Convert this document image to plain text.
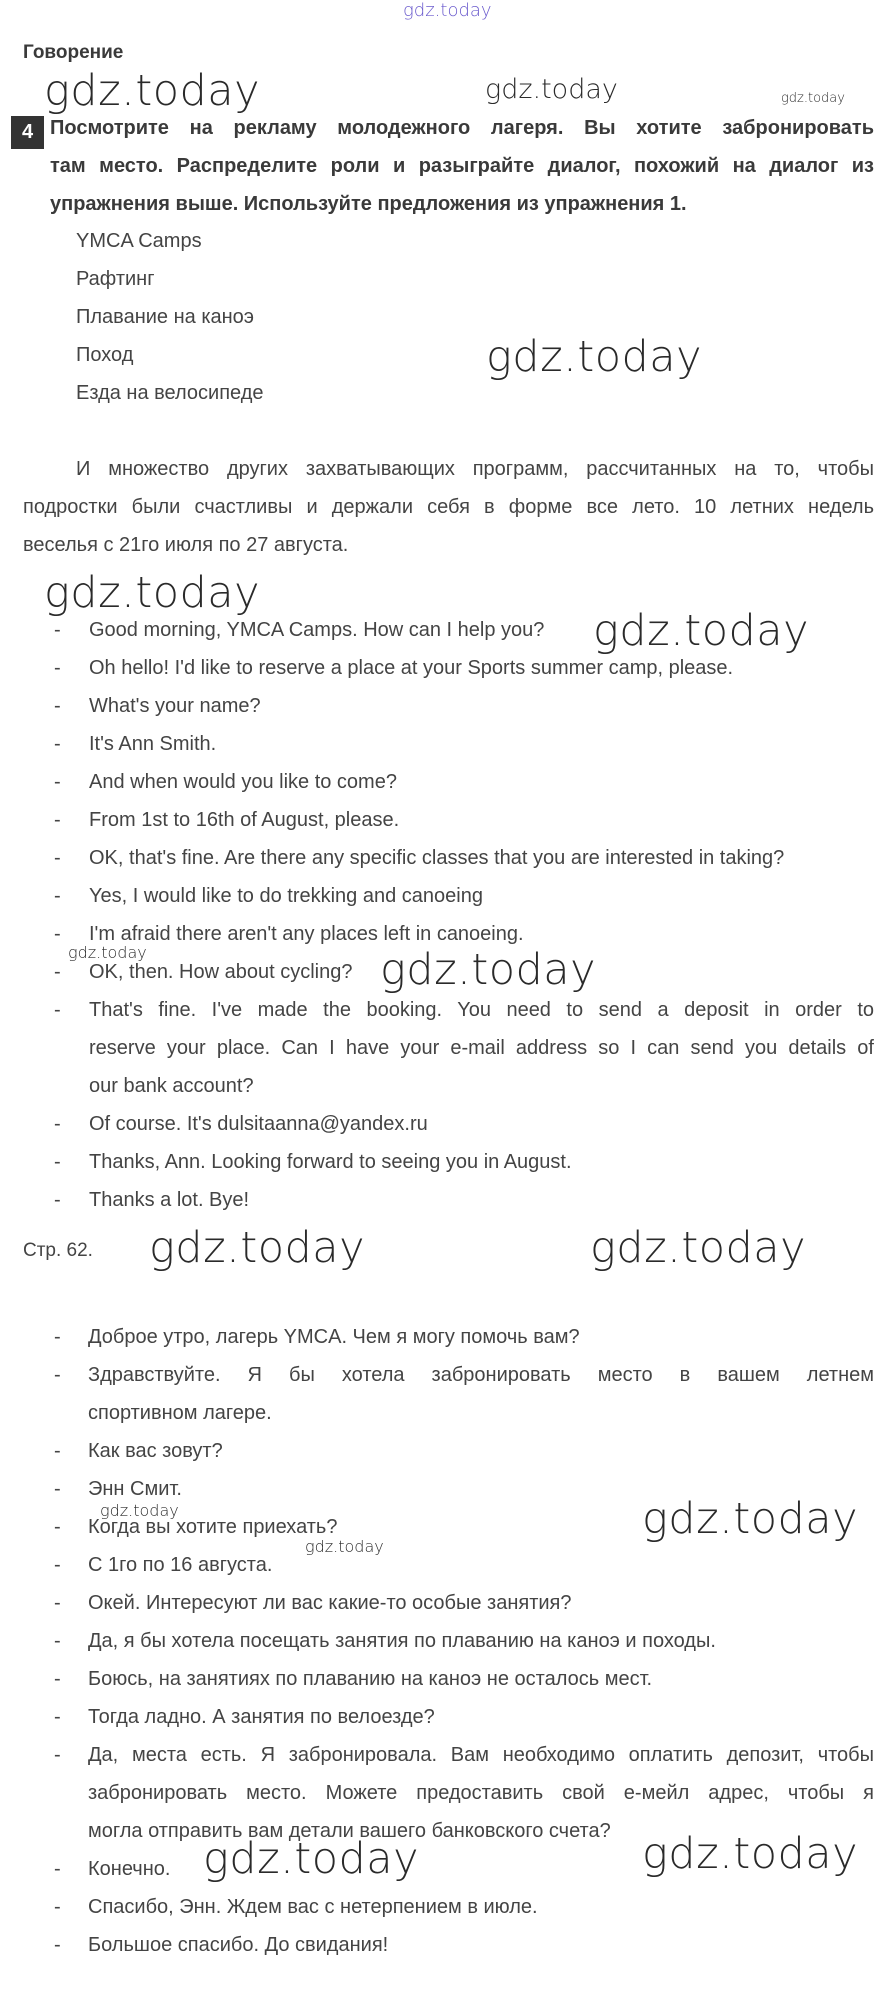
gdz.today
Говорение
4 Посмотрите на рекламу молодежного лагеря. Вы хотите забронировать
там место. Распределите роли и разыграйте диалог, похожий на диалог из
упражнения выше. Используйте предложения из упражнения 1.
YMCA Camps
Рафтинг
Плавание на каноэ
Поход
Езда на велосипеде
И множество других захватывающих программ, рассчитанных на то, чтобы
подростки были счастливы и держали себя в форме все лето. 10 летних недель
веселья с 21го июля по 27 августа.
- Good morning, YMCA Camps. How can I help you?
- Oh hello! I'd like to reserve a place at your Sports summer camp, please.
- What's your name?
- It's Ann Smith.
- And when would you like to come?
- From 1st to 16th of August, please.
- OK, that's fine. Are there any specific classes that you are interested in taking?
- Yes, I would like to do trekking and canoeing
- I'm afraid there aren't any places left in canoeing.
- OK, then. How about cycling?
- That's fine. I've made the booking. You need to send a deposit in order to
reserve your place. Can I have your e-mail address so I can send you details of
our bank account?
- Of course. It's dulsitaanna@yandex.ru
- Thanks, Ann. Looking forward to seeing you in August.
- Thanks a lot. Bye!
Стр. 62.
- Доброе утро, лагерь YMCA. Чем я могу помочь вам?
- Здравствуйте. Я бы хотела забронировать место в вашем летнем
спортивном лагере.
- Как вас зовут?
- Энн Смит.
- Когда вы хотите приехать?
- С 1го по 16 августа.
- Окей. Интересуют ли вас какие-то особые занятия?
- Да, я бы хотела посещать занятия по плаванию на каноэ и походы.
- Боюсь, на занятиях по плаванию на каноэ не осталось мест.
- Тогда ладно. А занятия по велоезде?
- Да, места есть. Я забронировала. Вам необходимо оплатить депозит, чтобы
забронировать место. Можете предоставить свой е-мейл адрес, чтобы я
могла отправить вам детали вашего банковского счета?
- Конечно.
- Спасибо, Энн. Ждем вас с нетерпением в июле.
- Большое спасибо. До свидания!
gdz.today	gdz.today	gdz.today
gdz.today
gdz.today
gdz.today
gdz.today	gdz.today
gdz.today	gdz.today
gdz.today	gdz.today
gdz.today
gdz.today	gdz.today
